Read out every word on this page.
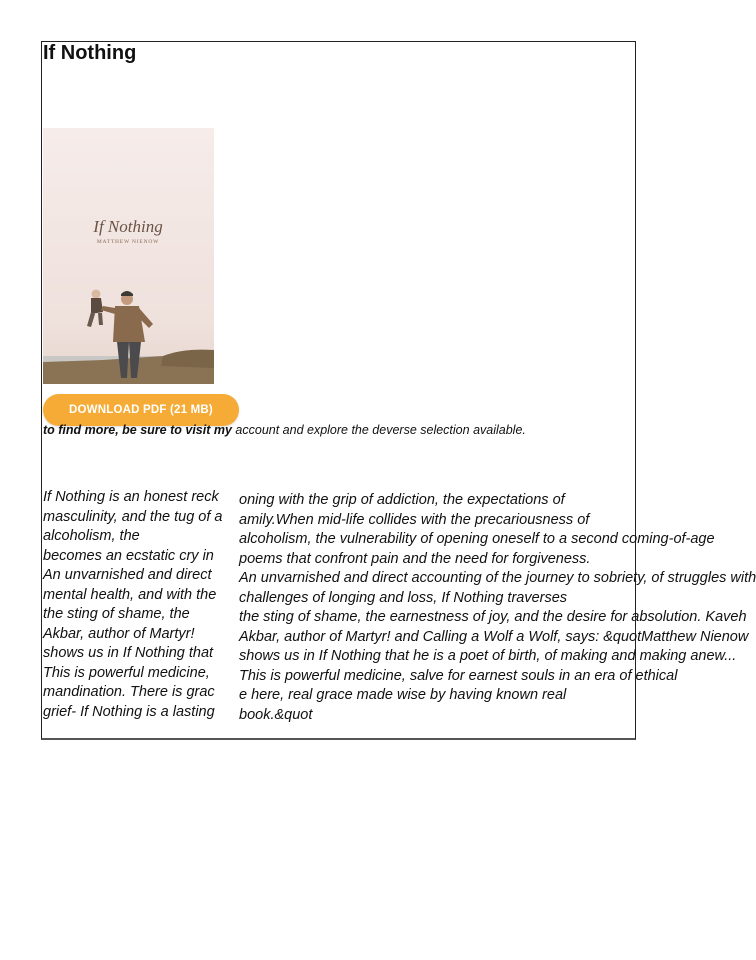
If Nothing
If Nothing
MATTHEW NIENOW
DOWNLOAD PDF (21 MB)
to find more, be sure to visit my account and explore the deverse selection available.
If Nothing is an honest reck
masculinity, and the tug of a
alcoholism, the
becomes an ecstatic cry in
An unvarnished and direct
mental health, and with the
the sting of shame, the
Akbar, author of Martyr!
shows us in If Nothing that
This is powerful medicine,
mandination. There is grac
grief- If Nothing is a lasting
oning with the grip of addiction, the expectations of
amily.When mid-life collides with the precariousness of
alcoholism, the vulnerability of opening oneself to a second coming-of-age
poems that confront pain and the need for forgiveness.
An unvarnished and direct accounting of the journey to sobriety, of struggles with
challenges of longing and loss, If Nothing traverses
the sting of shame, the earnestness of joy, and the desire for absolution. Kaveh
Akbar, author of Martyr! and Calling a Wolf a Wolf, says: &quotMatthew Nienow
shows us in If Nothing that he is a poet of birth, of making and making anew...
This is powerful medicine, salve for earnest souls in an era of ethical
e here, real grace made wise by having known real
book.&quot
